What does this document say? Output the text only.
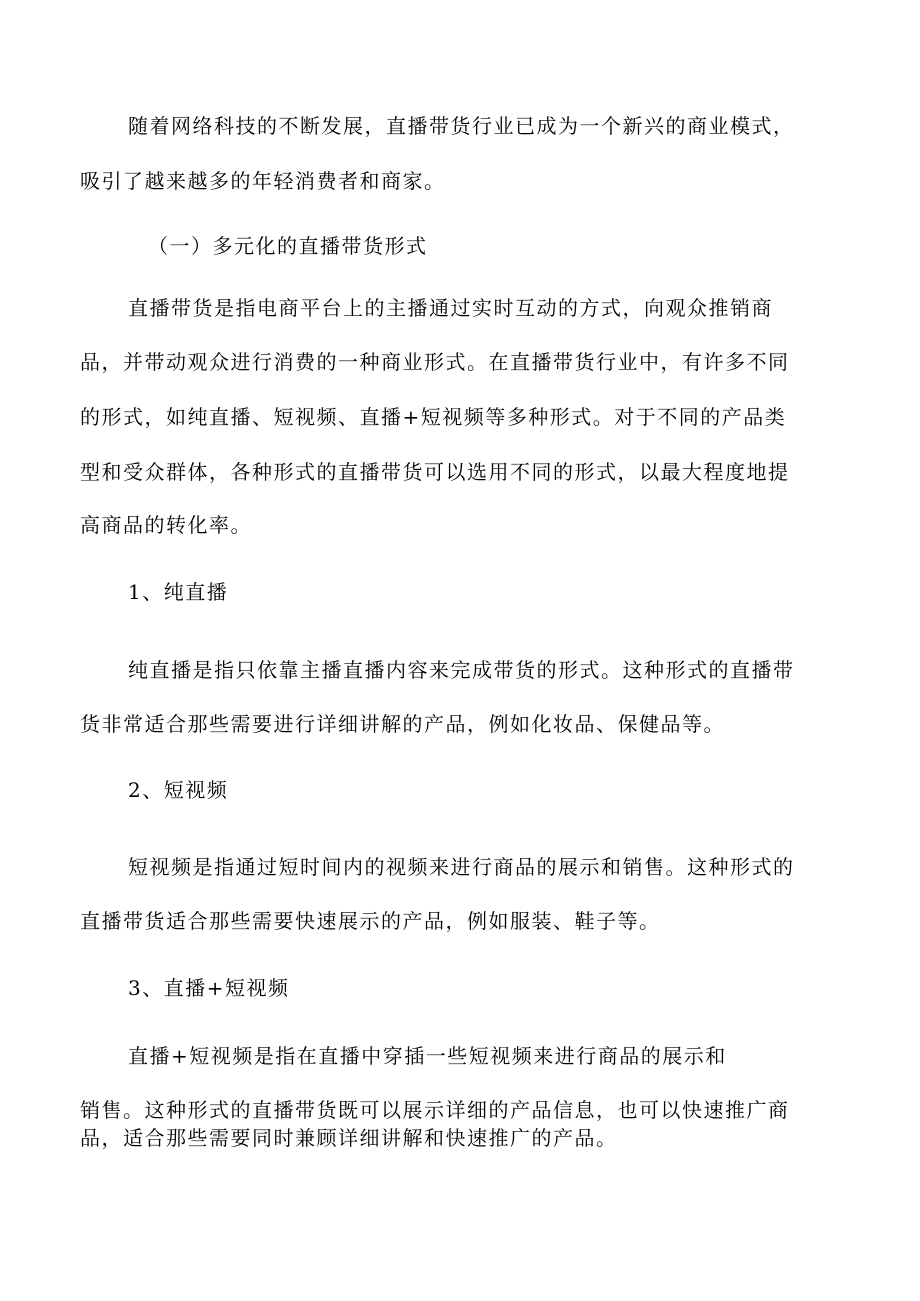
随着网络科技的不断发展，直播带货行业已成为一个新兴的商业模式，
吸引了越来越多的年轻消费者和商家。
（一）多元化的直播带货形式
直播带货是指电商平台上的主播通过实时互动的方式，向观众推销商
品，并带动观众进行消费的一种商业形式。在直播带货行业中，有许多不同
的形式，如纯直播、短视频、直播+短视频等多种形式。对于不同的产品类
型和受众群体，各种形式的直播带货可以选用不同的形式，以最大程度地提
高商品的转化率。
1、纯直播
纯直播是指只依靠主播直播内容来完成带货的形式。这种形式的直播带
货非常适合那些需要进行详细讲解的产品，例如化妆品、保健品等。
2、短视频
短视频是指通过短时间内的视频来进行商品的展示和销售。这种形式的
直播带货适合那些需要快速展示的产品，例如服装、鞋子等。
3、直播+短视频
直播+短视频是指在直播中穿插一些短视频来进行商品的展示和
销售。这种形式的直播带货既可以展示详细的产品信息，也可以快速推广商
品，适合那些需要同时兼顾详细讲解和快速推广的产品。
